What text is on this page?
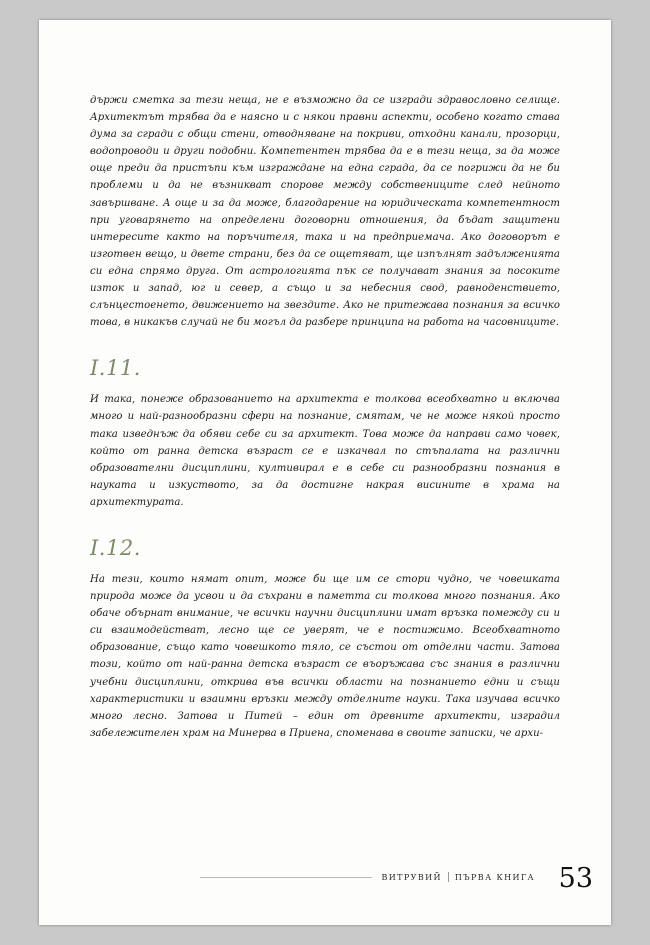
държи сметка за тези неща, не е възможно да се изгради здравословно селище. Архитектът трябва да е наясно и с някои правни аспекти, особено когато става дума за сгради с общи стени, отводняване на покриви, отходни канали, прозорци, водопроводи и други подобни. Компетентен трябва да е в тези неща, за да може още преди да пристъпи към изграждане на една сграда, да се погрижи да не би проблеми и да не възникват спорове между собствениците след нейното завършване. А още и за да може, благодарение на юридическата компетентност при уговарянето на определени договорни отношения, да бъдат защитени интересите както на поръчителя, така и на предприемача. Ако договорът е изготвен вещо, и двете страни, без да се ощетяват, ще изпълнят задълженията си една спрямо друга. От астрологията пък се получават знания за посоките изток и запад, юг и север, а също и за небесния свод, равноденствието, слънцестоенето, движението на звездите. Ако не притежава познания за всичко това, в никакъв случай не би могъл да разбере принципа на работа на часовниците.

I.11.

И така, понеже образованието на архитекта е толкова всеобхватно и включва много и най-разнообразни сфери на познание, смятам, че не може някой просто така изведнъж да обяви себе си за архитект. Това може да направи само човек, който от ранна детска възраст се е изкачвал по стъпалата на различни образователни дисциплини, култивирал е в себе си разнообразни познания в науката и изкуството, за да достигне накрая висините в храма на архитектурата.

I.12.

На тези, които нямат опит, може би ще им се стори чудно, че човешката природа може да усвои и да съхрани в паметта си толкова много познания. Ако обаче обърнат внимание, че всички научни дисциплини имат връзка помежду си и си взаимодействат, лесно ще се уверят, че е постижимо. Всеобхватното образование, също като човешкото тяло, се състои от отделни части. Затова този, който от най-ранна детска възраст се въоръжава със знания в различни учебни дисциплини, открива във всички области на познанието едни и същи характеристики и взаимни връзки между отделните науки. Така изучава всичко много лесно. Затова и Питей – един от древните архитекти, изградил забележителен храм на Минерва в Приена, споменава в своите записки, че архи-

ВИТРУВИЙ ПЪРВА КНИГА 53
